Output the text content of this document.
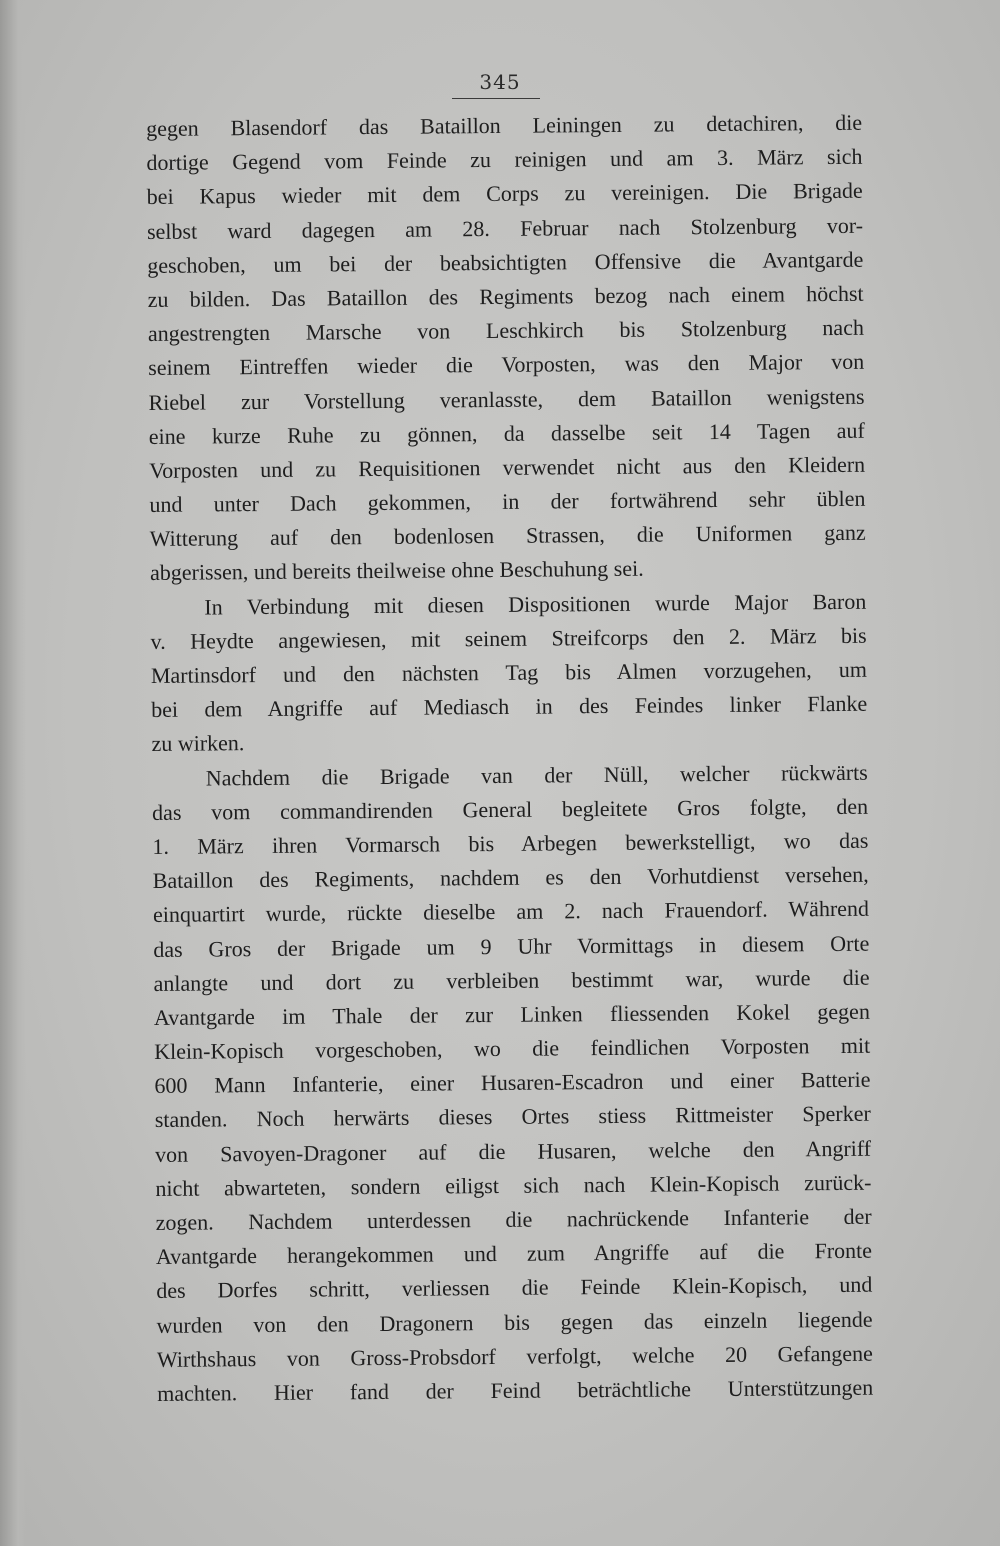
345
gegen Blasendorf das Bataillon Leiningen zu detachiren, die
dortige Gegend vom Feinde zu reinigen und am 3. März sich
bei Kapus wieder mit dem Corps zu vereinigen. Die Brigade
selbst ward dagegen am 28. Februar nach Stolzenburg vor-
geschoben, um bei der beabsichtigten Offensive die Avantgarde
zu bilden. Das Bataillon des Regiments bezog nach einem höchst
angestrengten Marsche von Leschkirch bis Stolzenburg nach
seinem Eintreffen wieder die Vorposten, was den Major von
Riebel zur Vorstellung veranlasste, dem Bataillon wenigstens
eine kurze Ruhe zu gönnen, da dasselbe seit 14 Tagen auf
Vorposten und zu Requisitionen verwendet nicht aus den Kleidern
und unter Dach gekommen, in der fortwährend sehr üblen
Witterung auf den bodenlosen Strassen, die Uniformen ganz
abgerissen, und bereits theilweise ohne Beschuhung sei.
In Verbindung mit diesen Dispositionen wurde Major Baron
v. Heydte angewiesen, mit seinem Streifcorps den 2. März bis
Martinsdorf und den nächsten Tag bis Almen vorzugehen, um
bei dem Angriffe auf Mediasch in des Feindes linker Flanke
zu wirken.
Nachdem die Brigade van der Nüll, welcher rückwärts
das vom commandirenden General begleitete Gros folgte, den
1. März ihren Vormarsch bis Arbegen bewerkstelligt, wo das
Bataillon des Regiments, nachdem es den Vorhutdienst versehen,
einquartirt wurde, rückte dieselbe am 2. nach Frauendorf. Während
das Gros der Brigade um 9 Uhr Vormittags in diesem Orte
anlangte und dort zu verbleiben bestimmt war, wurde die
Avantgarde im Thale der zur Linken fliessenden Kokel gegen
Klein-Kopisch vorgeschoben, wo die feindlichen Vorposten mit
600 Mann Infanterie, einer Husaren-Escadron und einer Batterie
standen. Noch herwärts dieses Ortes stiess Rittmeister Sperker
von Savoyen-Dragoner auf die Husaren, welche den Angriff
nicht abwarteten, sondern eiligst sich nach Klein-Kopisch zurück-
zogen. Nachdem unterdessen die nachrückende Infanterie der
Avantgarde herangekommen und zum Angriffe auf die Fronte
des Dorfes schritt, verliessen die Feinde Klein-Kopisch, und
wurden von den Dragonern bis gegen das einzeln liegende
Wirthshaus von Gross-Probsdorf verfolgt, welche 20 Gefangene
machten. Hier fand der Feind beträchtliche Unterstützungen
